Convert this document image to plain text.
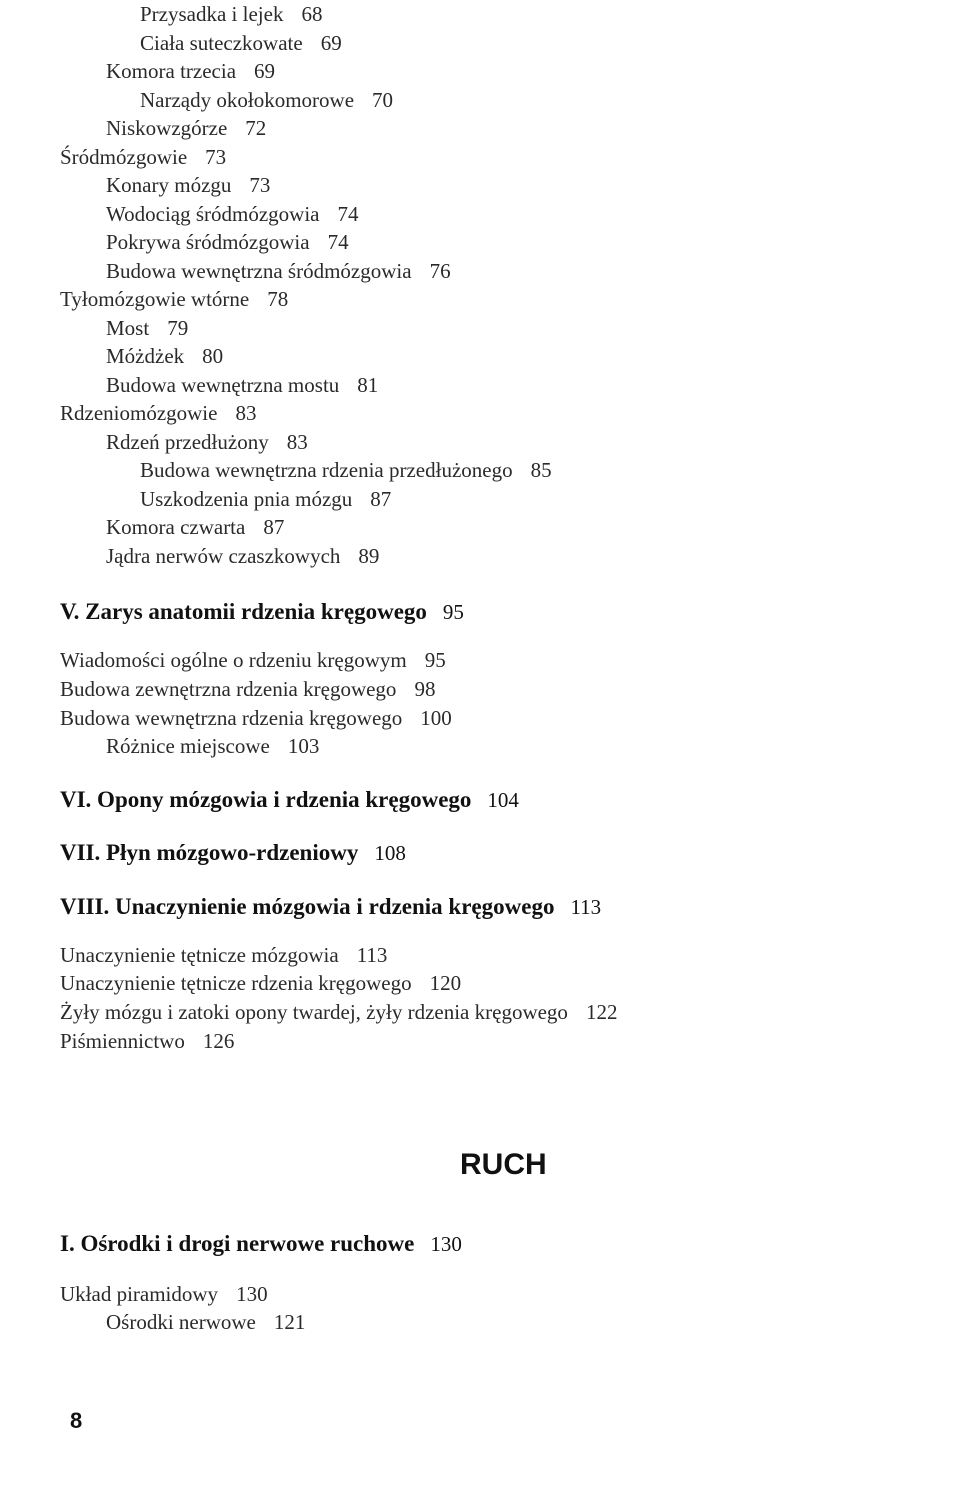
Przysadka i lejek 68
Ciała suteczkowate 69
Komora trzecia 69
Narządy okołokomorowe 70
Niskowzgórze 72
Śródmózgowie 73
Konary mózgu 73
Wodociąg śródmózgowia 74
Pokrywa śródmózgowia 74
Budowa wewnętrzna śródmózgowia 76
Tyłomózgowie wtórne 78
Most 79
Móżdżek 80
Budowa wewnętrzna mostu 81
Rdzeniomózgowie 83
Rdzeń przedłużony 83
Budowa wewnętrzna rdzenia przedłużonego 85
Uszkodzenia pnia mózgu 87
Komora czwarta 87
Jądra nerwów czaszkowych 89
V. Zarys anatomii rdzenia kręgowego 95
Wiadomości ogólne o rdzeniu kręgowym 95
Budowa zewnętrzna rdzenia kręgowego 98
Budowa wewnętrzna rdzenia kręgowego 100
Różnice miejscowe 103
VI. Opony mózgowia i rdzenia kręgowego 104
VII. Płyn mózgowo-rdzeniowy 108
VIII. Unaczynienie mózgowia i rdzenia kręgowego 113
Unaczynienie tętnicze mózgowia 113
Unaczynienie tętnicze rdzenia kręgowego 120
Żyły mózgu i zatoki opony twardej, żyły rdzenia kręgowego 122
Piśmiennictwo 126
RUCH
I. Ośrodki i drogi nerwowe ruchowe 130
Układ piramidowy 130
Ośrodki nerwowe 121
8
